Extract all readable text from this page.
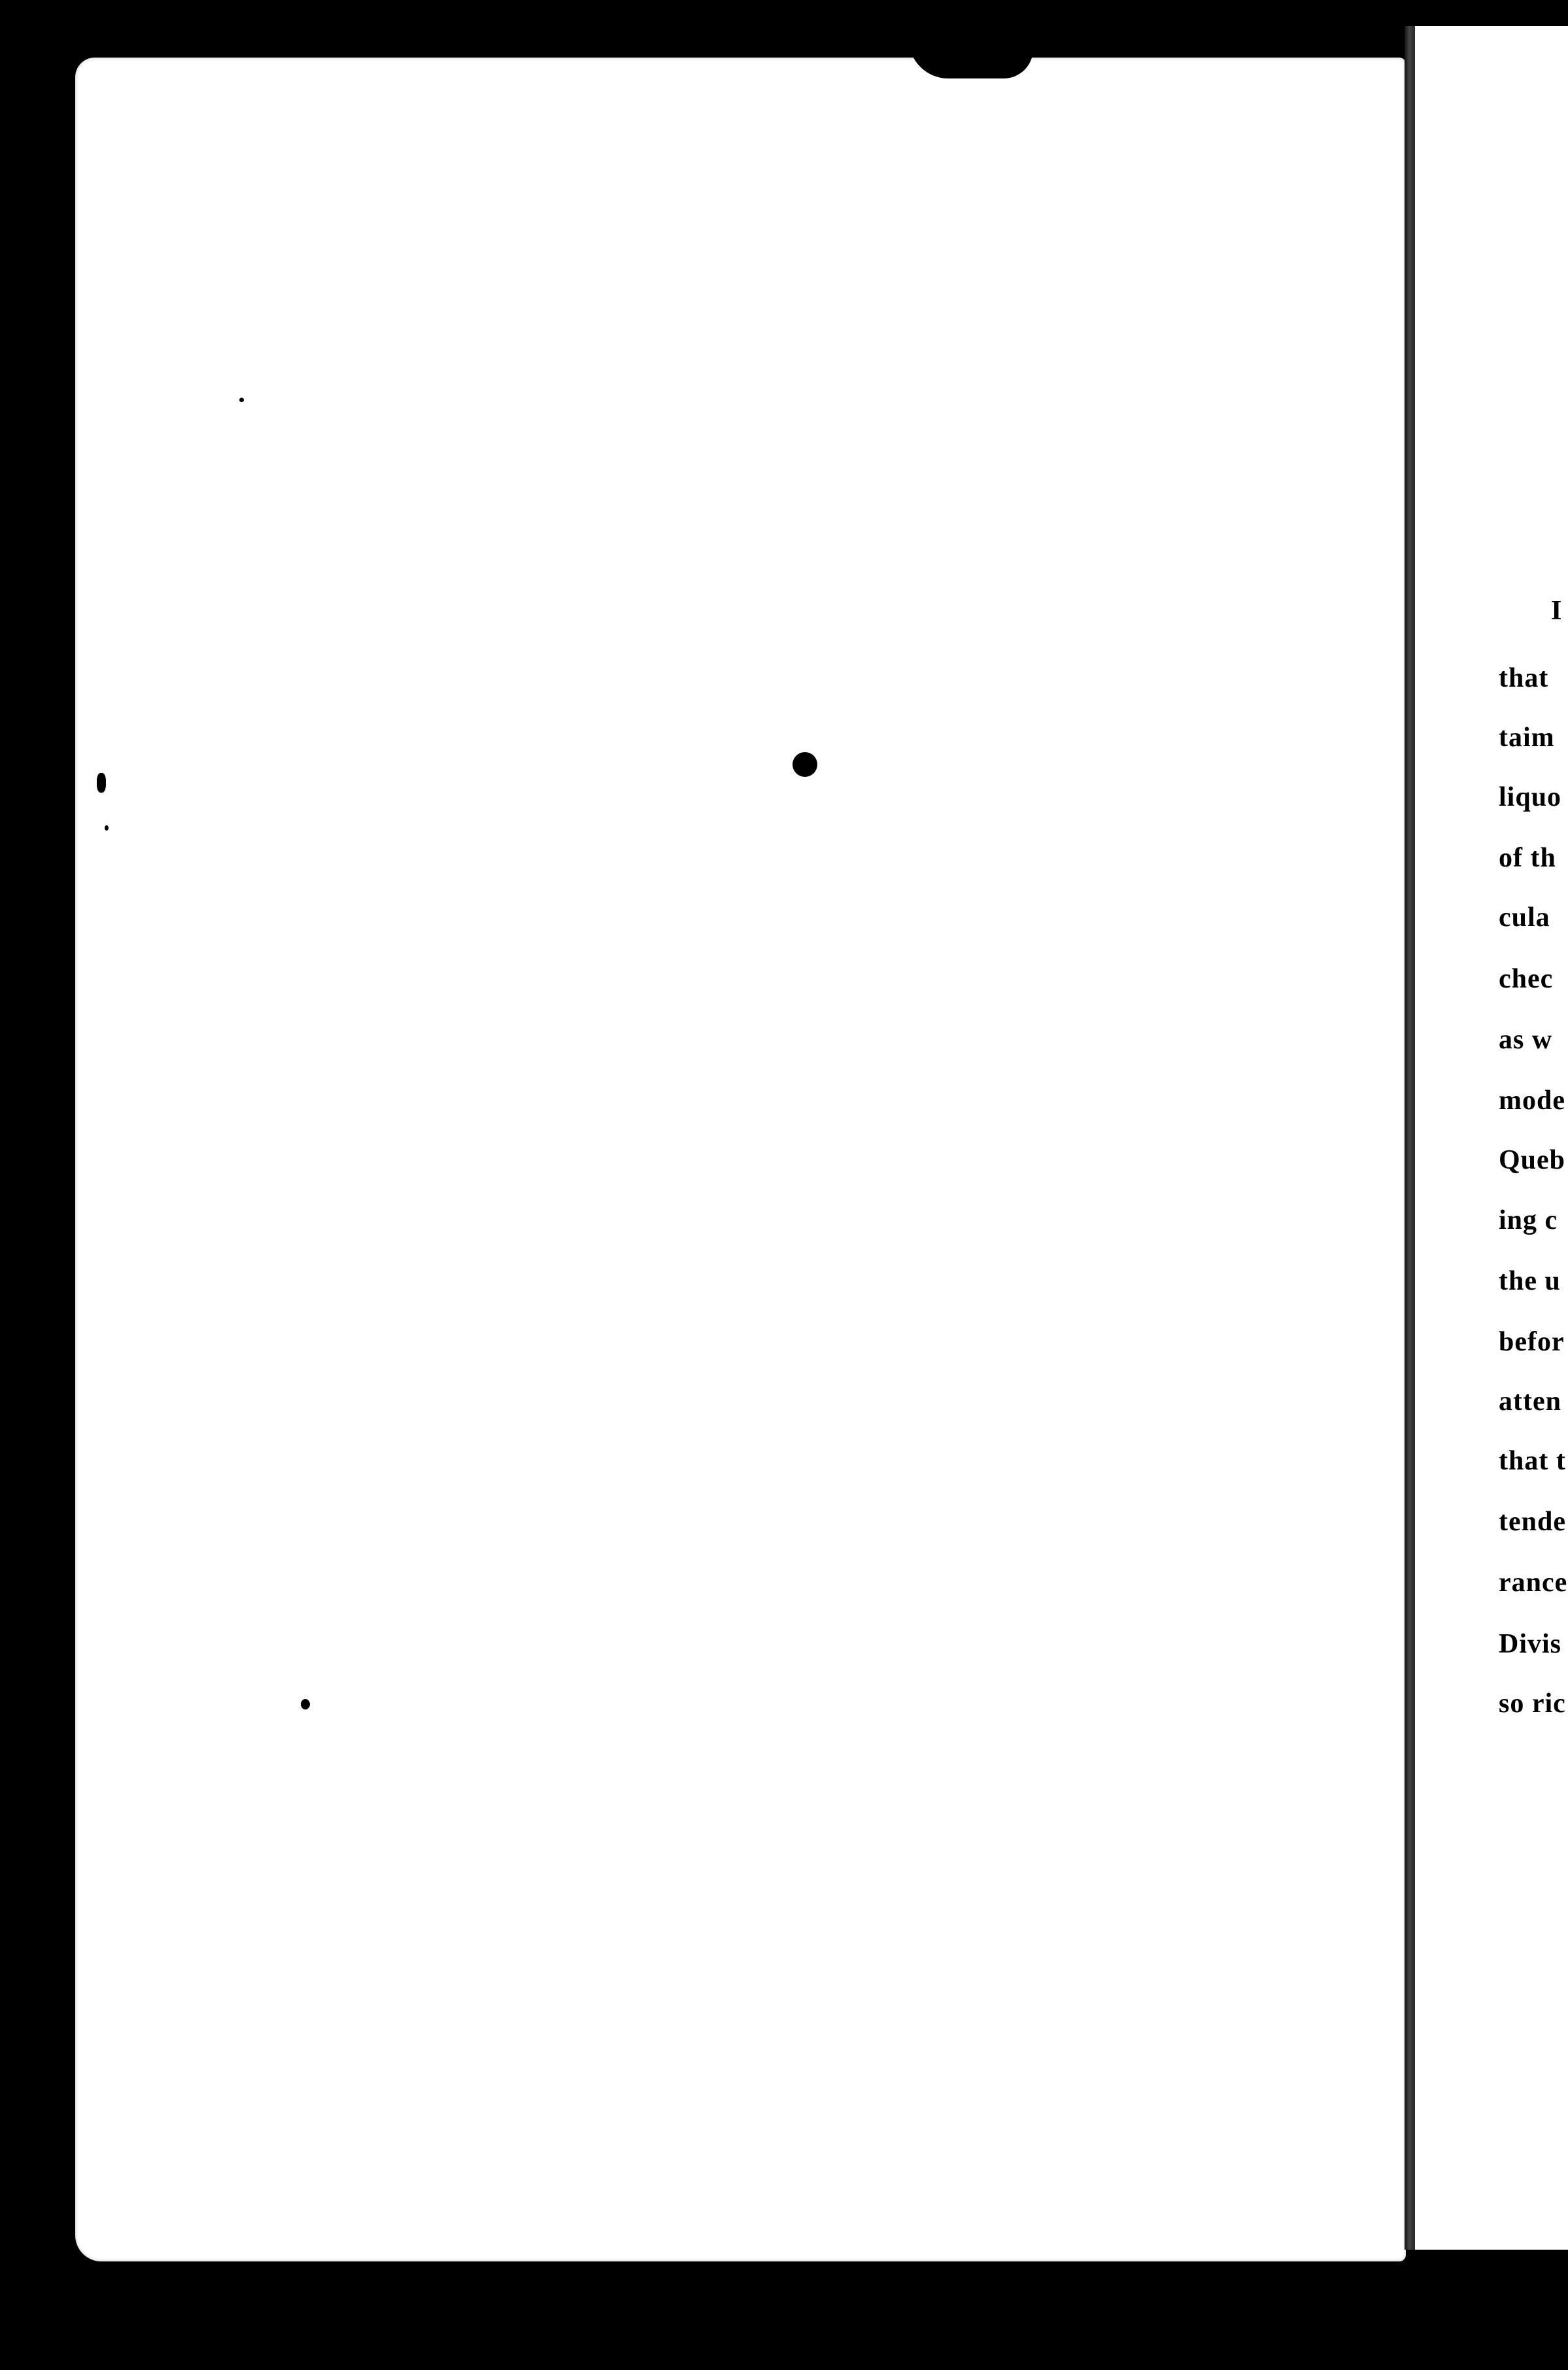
I
that
taim
liquo
of th
cula
chec
as w
mode
Queb
ing c
the u
befor
atten
that t
tende
rance
Divis
so ric
